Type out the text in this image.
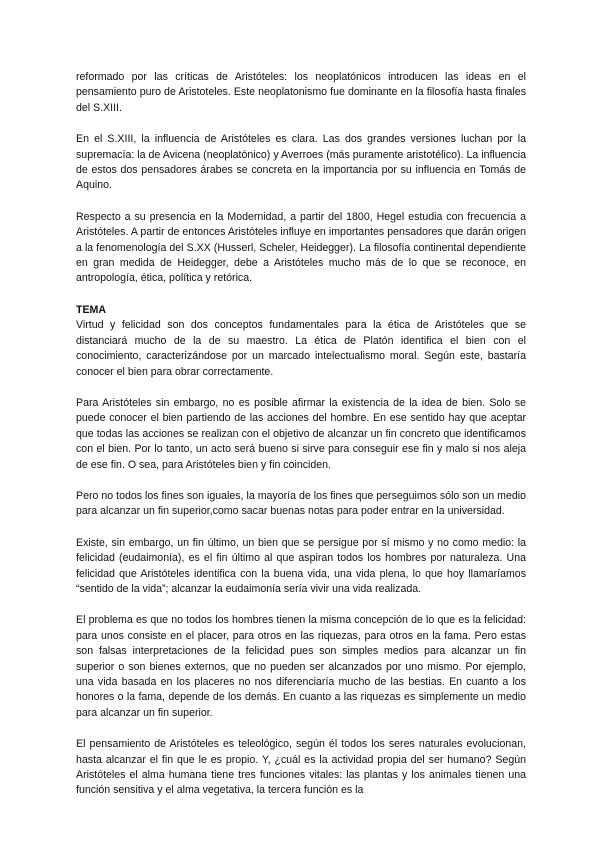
reformado por las críticas de Aristóteles: los neoplatónicos introducen las ideas en el pensamiento puro de Aristoteles. Este neoplatonismo fue dominante en la filosofía hasta finales del S.XIII.

En el S.XIII, la influencia de Aristóteles es clara. Las dos grandes versiones luchan por la supremacía: la de Avicena (neoplatónico) y Averroes (más puramente aristotélico). La influencia de estos dos pensadores árabes se concreta en la importancia por su influencia en Tomás de Aquino.

Respecto a su presencia en la Modernidad, a partir del 1800, Hegel estudia con frecuencia a Aristóteles. A partir de entonces Aristóteles influye en importantes pensadores que darán origen a la fenomenología del S.XX (Husserl, Scheler, Heidegger). La filosofía continental dependiente en gran medida de Heidegger, debe a Aristóteles mucho más de lo que se reconoce, en antropología, ética, política y retórica.

TEMA

Virtud y felicidad son dos conceptos fundamentales para la ética de Aristóteles que se distanciará mucho de la de su maestro. La ética de Platón identifica el bien con el conocimiento, caracterizándose por un marcado intelectualismo moral. Según este, bastaría conocer el bien para obrar correctamente.

Para Aristóteles sin embargo, no es posible afirmar la existencia de la idea de bien. Solo se puede conocer el bien partiendo de las acciones del hombre. En ese sentido hay que aceptar que todas las acciones se realizan con el objetivo de alcanzar un fin concreto que identificamos con el bien. Por lo tanto, un acto será bueno si sirve para conseguir ese fin y malo si nos aleja de ese fin. O sea, para Aristóteles bien y fin coinciden.

Pero no todos los fines son iguales, la mayoría de los fines que perseguimos sólo son un medio para alcanzar un fin superior,como sacar buenas notas para poder entrar en la universidad.

Existe, sin embargo, un fin último, un bien que se persigue por sí mismo y no como medio: la felicidad (eudaimonía), es el fin último al que aspiran todos los hombres por naturaleza. Una felicidad que Aristóteles identifica con la buena vida, una vida plena, lo que hoy llamaríamos “sentido de la vida”; alcanzar la eudaimonía sería vivir una vida realizada.

El problema es que no todos los hombres tienen la misma concepción de lo que es la felicidad: para unos consiste en el placer, para otros en las riquezas, para otros en la fama. Pero estas son falsas interpretaciones de la felicidad pues son simples medios para alcanzar un fin superior o son bienes externos, que no pueden ser alcanzados por uno mismo. Por ejemplo, una vida basada en los placeres no nos diferenciaría mucho de las bestias. En cuanto a los honores o la fama, depende de los demás. En cuanto a las riquezas es simplemente un medio para alcanzar un fin superior.

El pensamiento de Aristóteles es teleológico, según él todos los seres naturales evolucionan, hasta alcanzar el fin que le es propio. Y, ¿cuál es la actividad propia del ser humano? Según Aristóteles el alma humana tiene tres funciones vitales: las plantas y los animales tienen una función sensitiva y el alma vegetativa, la tercera función es la
